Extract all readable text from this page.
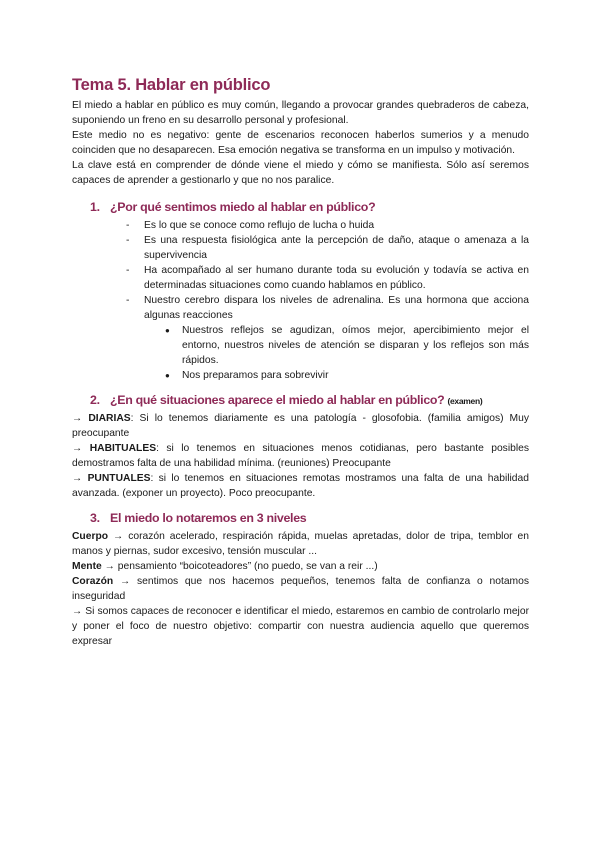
Tema 5. Hablar en público

El miedo a hablar en público es muy común, llegando a provocar grandes quebraderos de cabeza, suponiendo un freno en su desarrollo personal y profesional.

Este medio no es negativo: gente de escenarios reconocen haberlos sumerios y a menudo coinciden que no desaparecen. Esa emoción negativa se transforma en un impulso y motivación.

La clave está en comprender de dónde viene el miedo y cómo se manifiesta. Sólo así seremos capaces de aprender a gestionarlo y que no nos paralice.

1. ¿Por qué sentimos miedo al hablar en público?
- Es lo que se conoce como reflujo de lucha o huida
- Es una respuesta fisiológica ante la percepción de daño, ataque o amenaza a la supervivencia
- Ha acompañado al ser humano durante toda su evolución y todavía se activa en determinadas situaciones como cuando hablamos en público.
- Nuestro cerebro dispara los niveles de adrenalina. Es una hormona que acciona algunas reacciones
● Nuestros reflejos se agudizan, oímos mejor, apercibimiento mejor el entorno, nuestros niveles de atención se disparan y los reflejos son más rápidos.
● Nos preparamos para sobrevivir
2. ¿En qué situaciones aparece el miedo al hablar en público? (examen)

→ DIARIAS: Si lo tenemos diariamente es una patología - glosofobia. (familia amigos) Muy preocupante

→ HABITUALES: si lo tenemos en situaciones menos cotidianas, pero bastante posibles demostramos falta de una habilidad mínima. (reuniones) Preocupante

→ PUNTUALES: si lo tenemos en situaciones remotas mostramos una falta de una habilidad avanzada. (exponer un proyecto). Poco preocupante.

3. El miedo lo notaremos en 3 niveles

Cuerpo → corazón acelerado, respiración rápida, muelas apretadas, dolor de tripa, temblor en manos y piernas, sudor excesivo, tensión muscular ...

Mente → pensamiento “boicoteadores” (no puedo, se van a reir ...)

Corazón → sentimos que nos hacemos pequeños, tenemos falta de confianza o notamos inseguridad

→ Si somos capaces de reconocer e identificar el miedo, estaremos en cambio de controlarlo mejor y poner el foco de nuestro objetivo: compartir con nuestra audiencia aquello que queremos expresar
